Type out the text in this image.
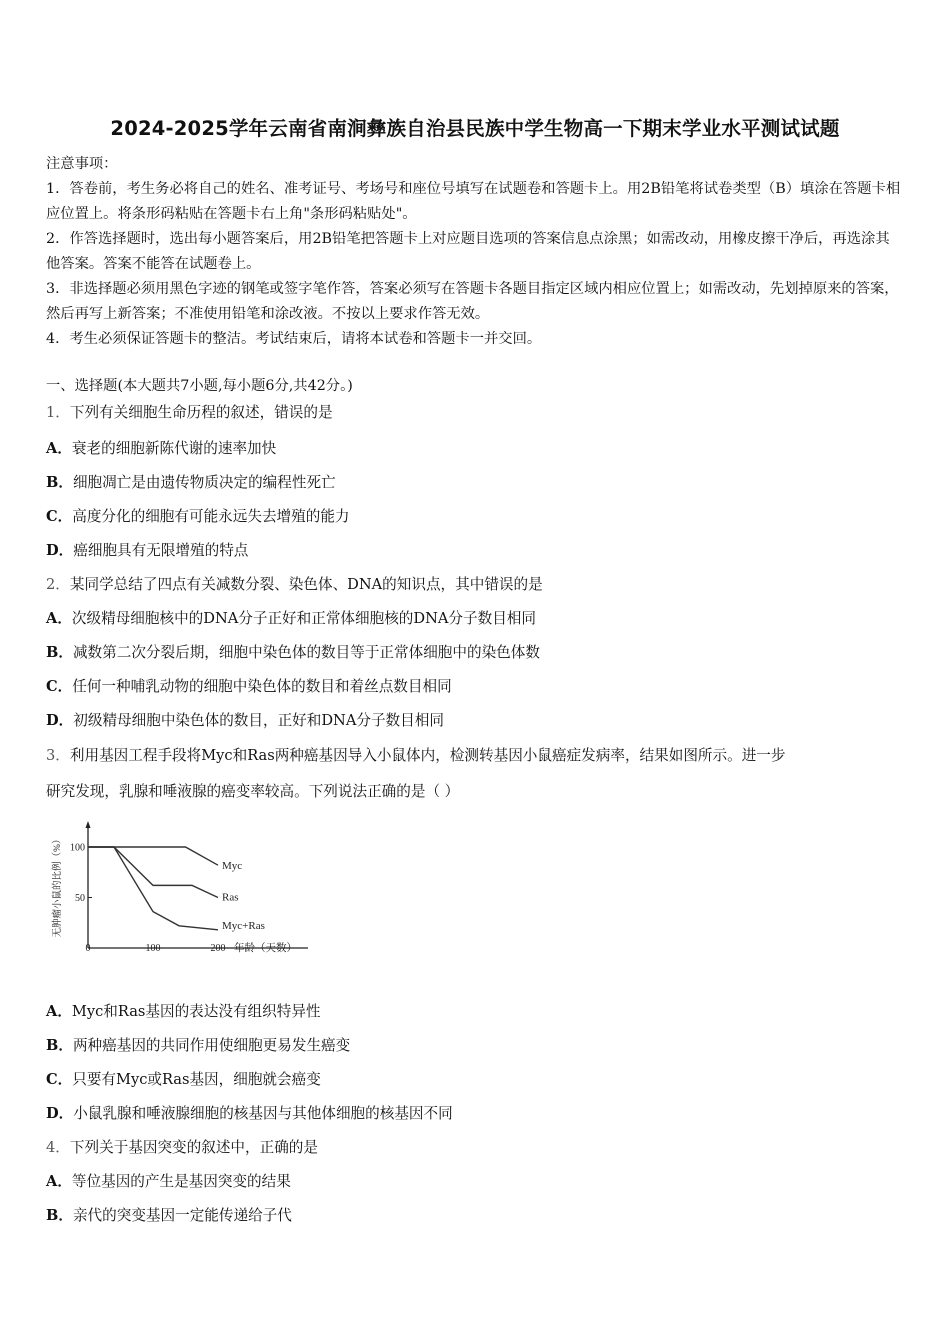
2024-2025学年云南省南涧彝族自治县民族中学生物高一下期末学业水平测试试题

注意事项：

1．答卷前，考生务必将自己的姓名、准考证号、考场号和座位号填写在试题卷和答题卡上。用2B铅笔将试卷类型（B）填涂在答题卡相应位置上。将条形码粘贴在答题卡右上角"条形码粘贴处"。

2．作答选择题时，选出每小题答案后，用2B铅笔把答题卡上对应题目选项的答案信息点涂黑；如需改动，用橡皮擦干净后，再选涂其他答案。答案不能答在试题卷上。

3．非选择题必须用黑色字迹的钢笔或签字笔作答，答案必须写在答题卡各题目指定区域内相应位置上；如需改动，先划掉原来的答案，然后再写上新答案；不准使用铅笔和涂改液。不按以上要求作答无效。

4．考生必须保证答题卡的整洁。考试结束后，请将本试卷和答题卡一并交回。

一、选择题(本大题共7小题,每小题6分,共42分。)
1．下列有关细胞生命历程的叙述，错误的是
A．衰老的细胞新陈代谢的速率加快
B．细胞凋亡是由遗传物质决定的编程性死亡
C．高度分化的细胞有可能永远失去增殖的能力
D．癌细胞具有无限增殖的特点
2．某同学总结了四点有关减数分裂、染色体、DNA的知识点，其中错误的是
A．次级精母细胞核中的DNA分子正好和正常体细胞核的DNA分子数目相同
B．减数第二次分裂后期，细胞中染色体的数目等于正常体细胞中的染色体数
C．任何一种哺乳动物的细胞中染色体的数目和着丝点数目相同
D．初级精母细胞中染色体的数目，正好和DNA分子数目相同
3．利用基因工程手段将Myc和Ras两种癌基因导入小鼠体内，检测转基因小鼠癌症发病率，结果如图所示。进一步
研究发现，乳腺和唾液腺的癌变率较高。下列说法正确的是（ ）
无肿瘤小鼠的比例（%）
年龄（天数）
0	100	200
100
50
Myc
Ras
Myc+Ras
A．Myc和Ras基因的表达没有组织特异性
B．两种癌基因的共同作用使细胞更易发生癌变
C．只要有Myc或Ras基因，细胞就会癌变
D．小鼠乳腺和唾液腺细胞的核基因与其他体细胞的核基因不同
4．下列关于基因突变的叙述中，正确的是
A．等位基因的产生是基因突变的结果
B．亲代的突变基因一定能传递给子代
